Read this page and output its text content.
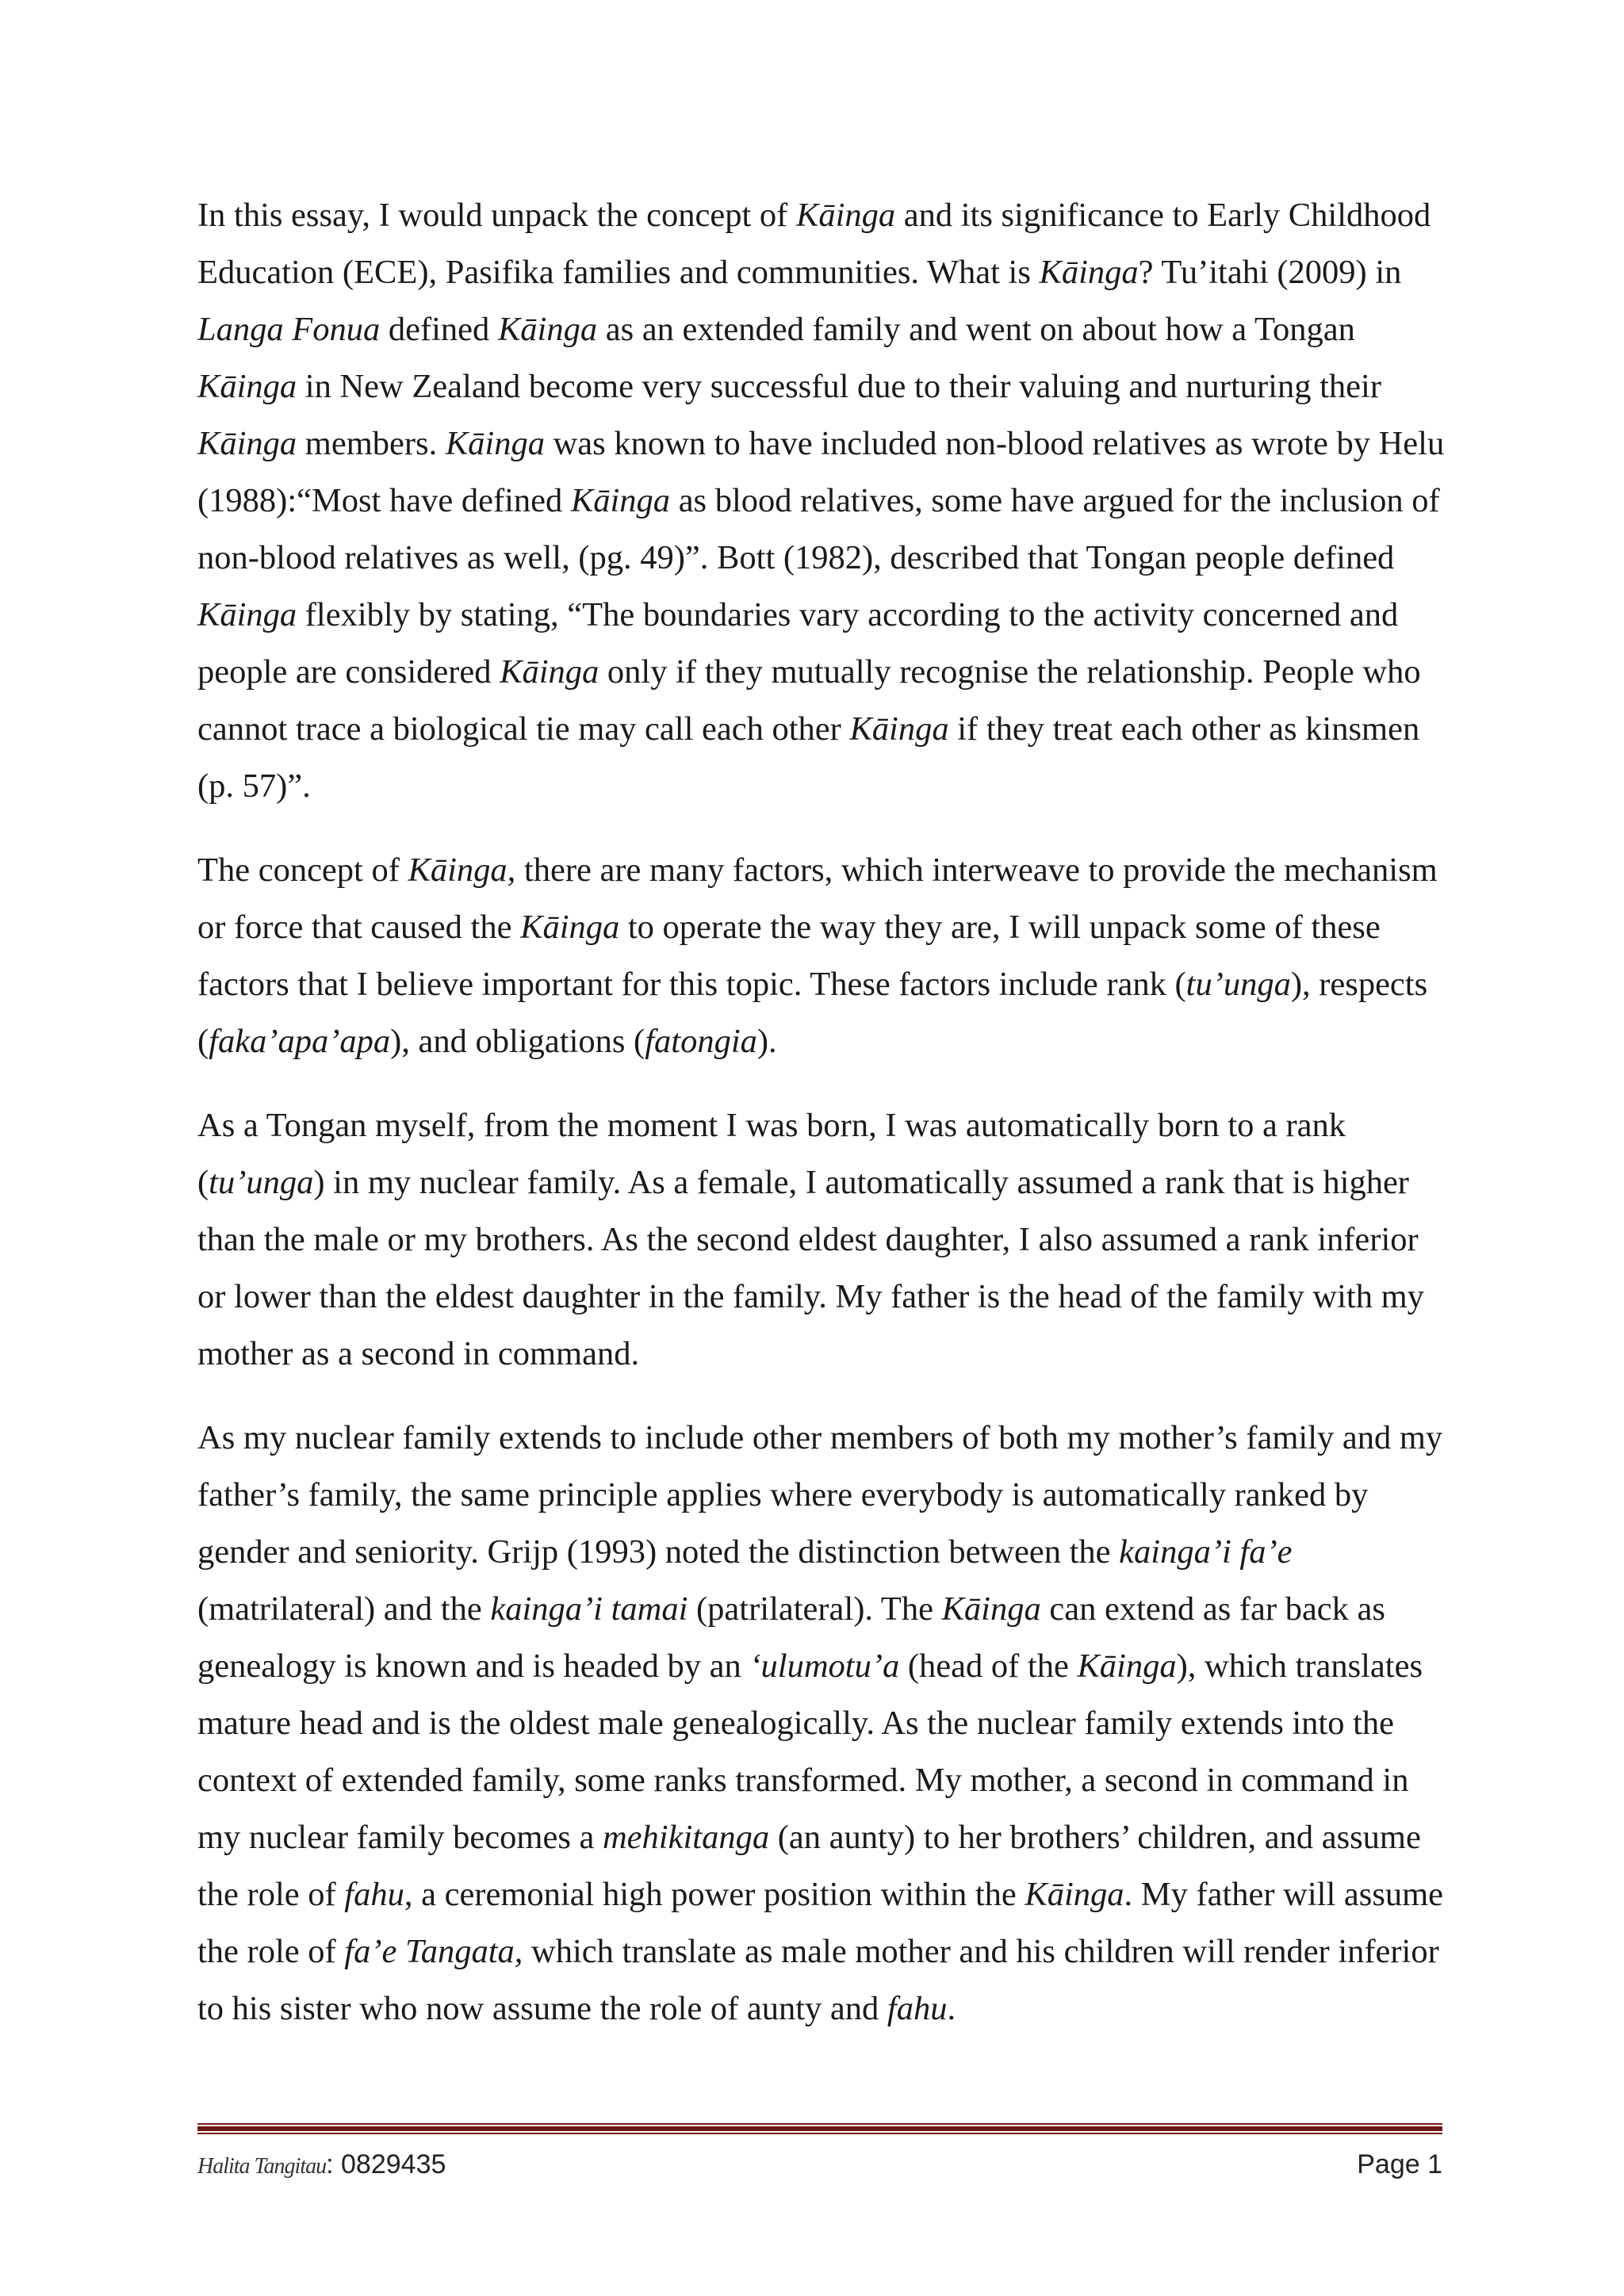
In this essay, I would unpack the concept of Kāinga and its significance to Early Childhood Education (ECE), Pasifika families and communities. What is Kāinga? Tu’itahi (2009) in Langa Fonua defined Kāinga as an extended family and went on about how a Tongan Kāinga in New Zealand become very successful due to their valuing and nurturing their Kāinga members. Kāinga was known to have included non-blood relatives as wrote by Helu (1988):“Most have defined Kāinga as blood relatives, some have argued for the inclusion of non-blood relatives as well, (pg. 49)”. Bott (1982), described that Tongan people defined Kāinga flexibly by stating, “The boundaries vary according to the activity concerned and people are considered Kāinga only if they mutually recognise the relationship. People who cannot trace a biological tie may call each other Kāinga if they treat each other as kinsmen (p. 57)”.

The concept of Kāinga, there are many factors, which interweave to provide the mechanism or force that caused the Kāinga to operate the way they are, I will unpack some of these factors that I believe important for this topic. These factors include rank (tu’unga), respects (faka’apa’apa), and obligations (fatongia).

As a Tongan myself, from the moment I was born, I was automatically born to a rank (tu’unga) in my nuclear family. As a female, I automatically assumed a rank that is higher than the male or my brothers. As the second eldest daughter, I also assumed a rank inferior or lower than the eldest daughter in the family. My father is the head of the family with my mother as a second in command.

As my nuclear family extends to include other members of both my mother’s family and my father’s family, the same principle applies where everybody is automatically ranked by gender and seniority. Grijp (1993) noted the distinction between the kainga’i fa’e (matrilateral) and the kainga’i tamai (patrilateral). The Kāinga can extend as far back as genealogy is known and is headed by an ‘ulumotu’a (head of the Kāinga), which translates mature head and is the oldest male genealogically. As the nuclear family extends into the context of extended family, some ranks transformed. My mother, a second in command in my nuclear family becomes a mehikitanga (an aunty) to her brothers’ children, and assume the role of fahu, a ceremonial high power position within the Kāinga. My father will assume the role of fa’e Tangata, which translate as male mother and his children will render inferior to his sister who now assume the role of aunty and fahu.

Halita Tangitau: 0829435	Page 1
